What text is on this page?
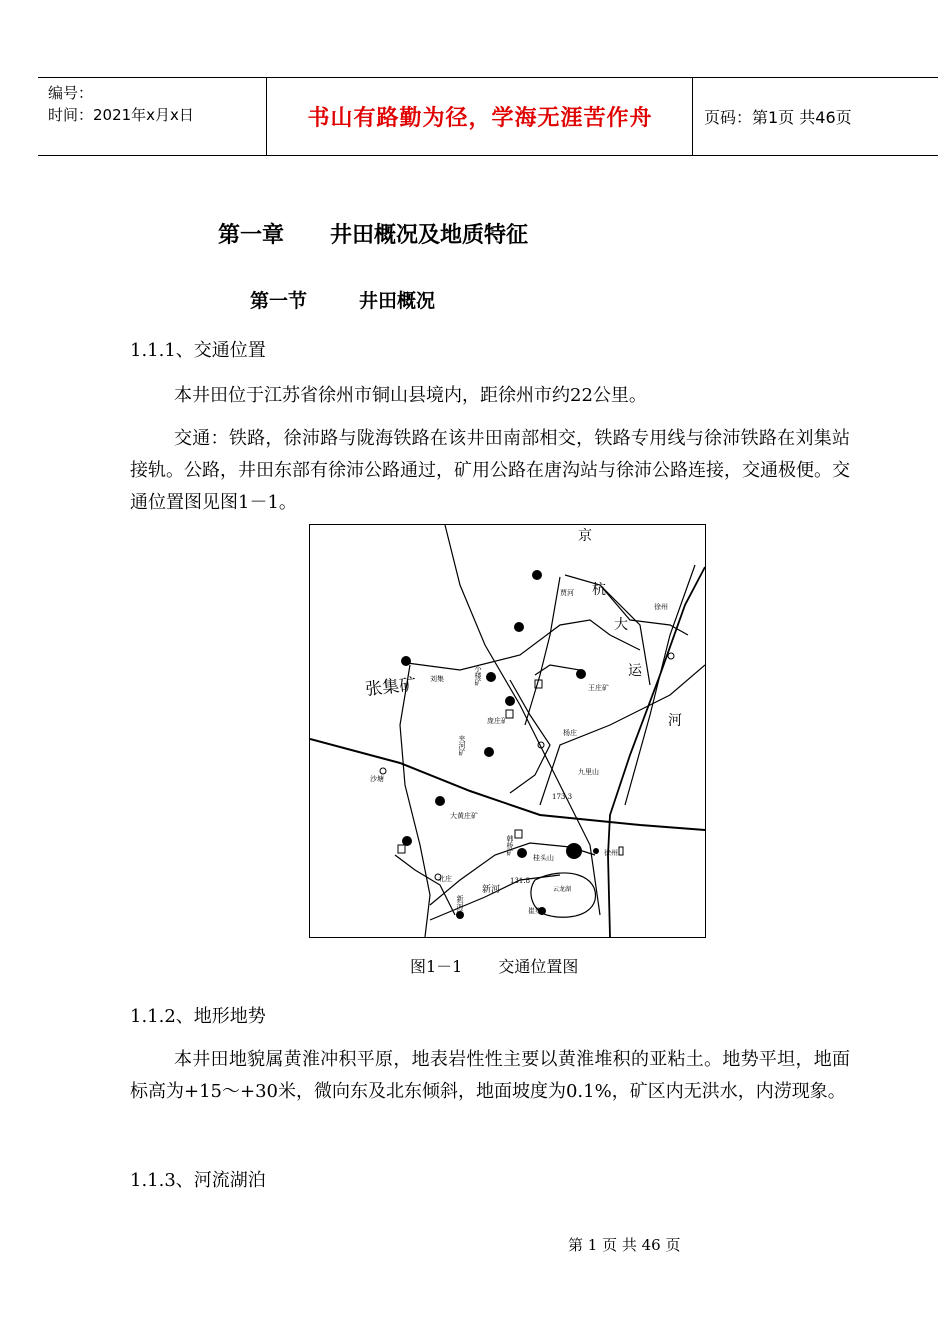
编号：
时间：2021年x月x日	书山有路勤为径，学海无涯苦作舟	页码：第1页 共46页
第一章 井田概况及地质特征
第一节	井田概况
1.1.1、交通位置
本井田位于江苏省徐州市铜山县境内，距徐州市约22公里。
交通：铁路，徐沛路与陇海铁路在该井田南部相交，铁路专用线与徐沛铁路在刘集站接轨。公路，井田东部有徐沛公路通过，矿用公路在唐沟站与徐沛公路连接，交通极便。交通位置图见图1－1。
京
杭
大
运
河
张集矿 刘集
徐州
王庄矿
庞庄矿
贾河
杨庄
九里山
173.3
沙塘
大黄庄矿
桂头山
131.8
徐州
云龙湖
崔集
北庄
新河
小楼矿
夹河矿
韩桥矿
新河矿
图1－1 交通位置图
1.1.2、地形地势
本井田地貌属黄淮冲积平原，地表岩性性主要以黄淮堆积的亚粘土。地势平坦，地面标高为+15～+30米，微向东及北东倾斜，地面坡度为0.1%，矿区内无洪水，内涝现象。
1.1.3、河流湖泊
第 1 页 共 46 页
